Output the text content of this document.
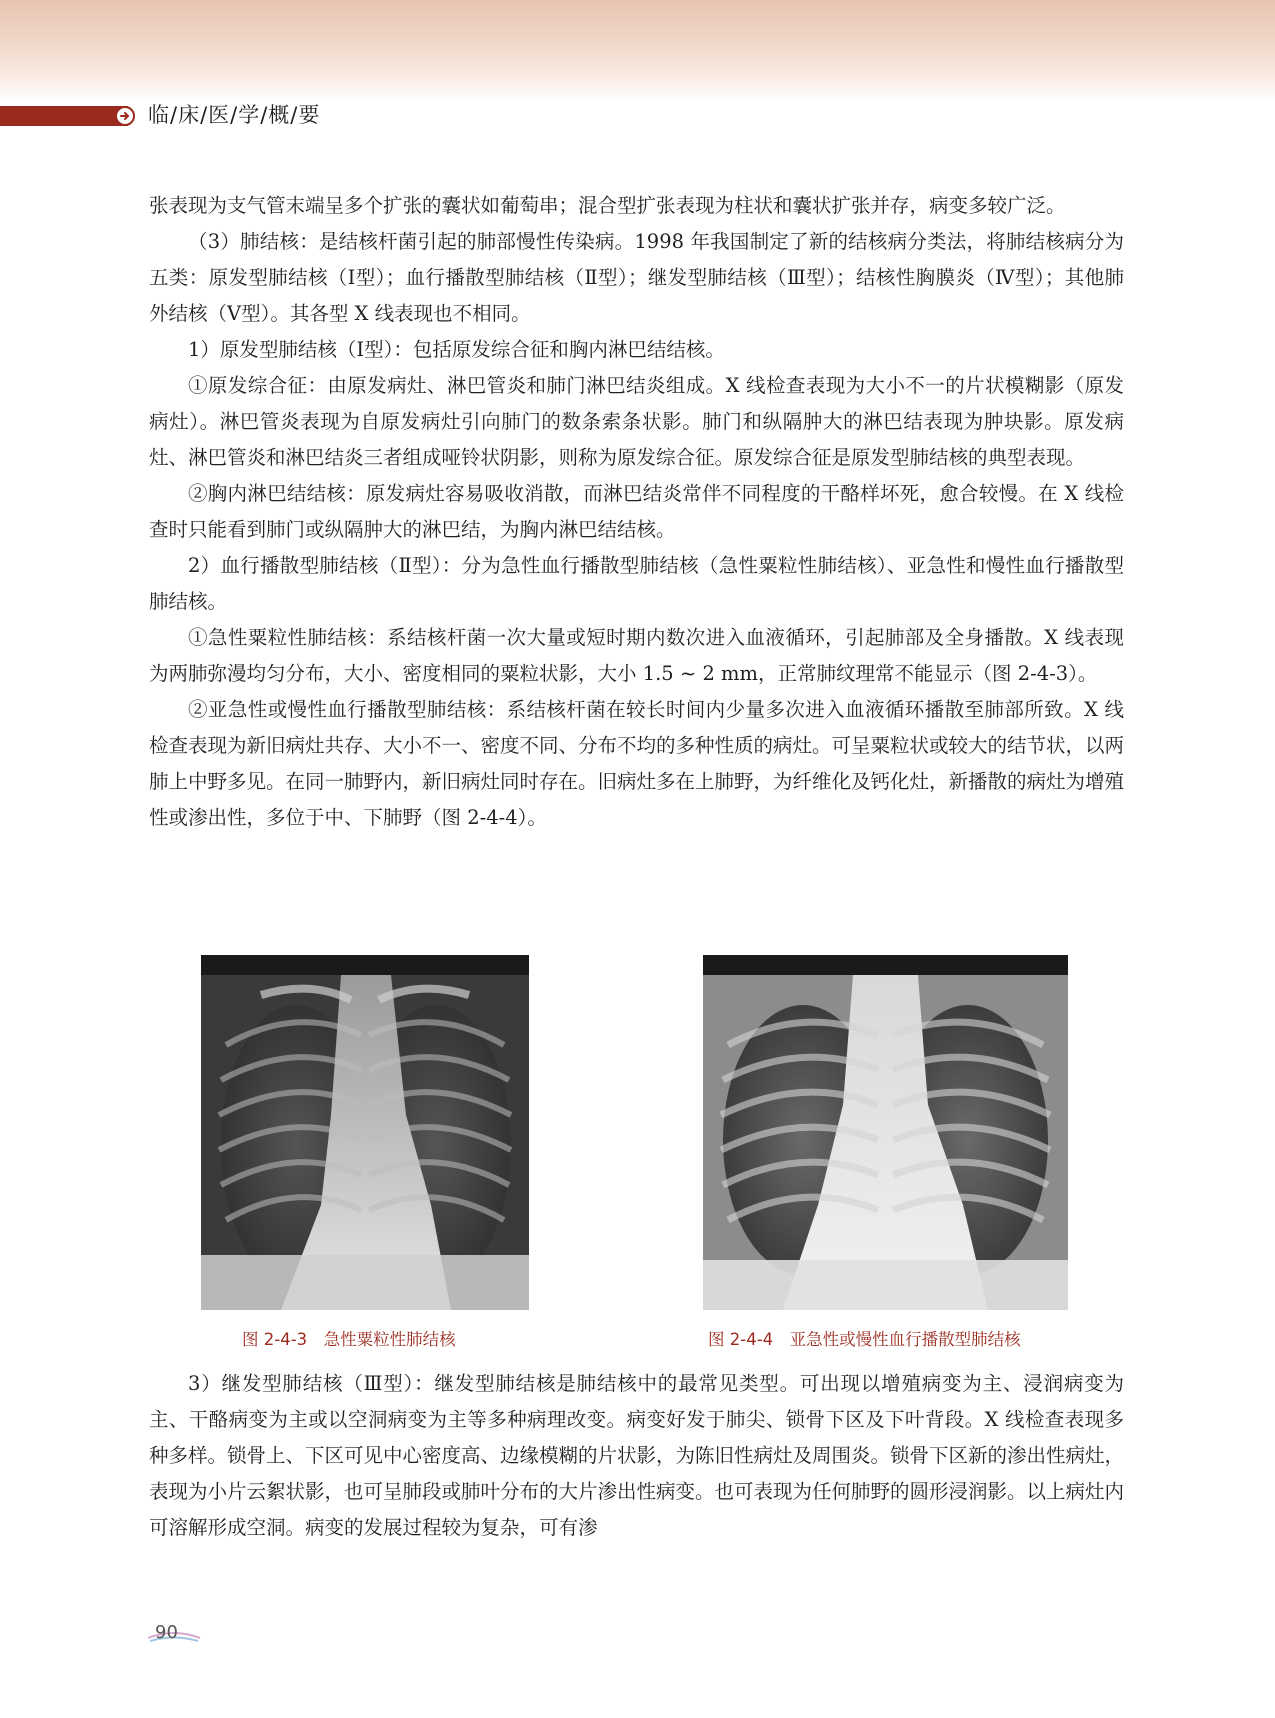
临/床/医/学/概/要

张表现为支气管末端呈多个扩张的囊状如葡萄串；混合型扩张表现为柱状和囊状扩张并存，病变多较广泛。

（3）肺结核：是结核杆菌引起的肺部慢性传染病。1998 年我国制定了新的结核病分类法，将肺结核病分为五类：原发型肺结核（Ⅰ型）；血行播散型肺结核（Ⅱ型）；继发型肺结核（Ⅲ型）；结核性胸膜炎（Ⅳ型）；其他肺外结核（Ⅴ型）。其各型 X 线表现也不相同。

1）原发型肺结核（Ⅰ型）：包括原发综合征和胸内淋巴结结核。

①原发综合征：由原发病灶、淋巴管炎和肺门淋巴结炎组成。X 线检查表现为大小不一的片状模糊影（原发病灶）。淋巴管炎表现为自原发病灶引向肺门的数条索条状影。肺门和纵隔肿大的淋巴结表现为肿块影。原发病灶、淋巴管炎和淋巴结炎三者组成哑铃状阴影，则称为原发综合征。原发综合征是原发型肺结核的典型表现。

②胸内淋巴结结核：原发病灶容易吸收消散，而淋巴结炎常伴不同程度的干酪样坏死，愈合较慢。在 X 线检查时只能看到肺门或纵隔肿大的淋巴结，为胸内淋巴结结核。

2）血行播散型肺结核（Ⅱ型）：分为急性血行播散型肺结核（急性粟粒性肺结核）、亚急性和慢性血行播散型肺结核。

①急性粟粒性肺结核：系结核杆菌一次大量或短时期内数次进入血液循环，引起肺部及全身播散。X 线表现为两肺弥漫均匀分布，大小、密度相同的粟粒状影，大小 1.5 ~ 2 mm，正常肺纹理常不能显示（图 2-4-3）。

②亚急性或慢性血行播散型肺结核：系结核杆菌在较长时间内少量多次进入血液循环播散至肺部所致。X 线检查表现为新旧病灶共存、大小不一、密度不同、分布不均的多种性质的病灶。可呈粟粒状或较大的结节状，以两肺上中野多见。在同一肺野内，新旧病灶同时存在。旧病灶多在上肺野，为纤维化及钙化灶，新播散的病灶为增殖性或渗出性，多位于中、下肺野（图 2-4-4）。

图 2-4-3　急性粟粒性肺结核	图 2-4-4　亚急性或慢性血行播散型肺结核

3）继发型肺结核（Ⅲ型）：继发型肺结核是肺结核中的最常见类型。可出现以增殖病变为主、浸润病变为主、干酪病变为主或以空洞病变为主等多种病理改变。病变好发于肺尖、锁骨下区及下叶背段。X 线检查表现多种多样。锁骨上、下区可见中心密度高、边缘模糊的片状影，为陈旧性病灶及周围炎。锁骨下区新的渗出性病灶，表现为小片云絮状影，也可呈肺段或肺叶分布的大片渗出性病变。也可表现为任何肺野的圆形浸润影。以上病灶内可溶解形成空洞。病变的发展过程较为复杂，可有渗

90
